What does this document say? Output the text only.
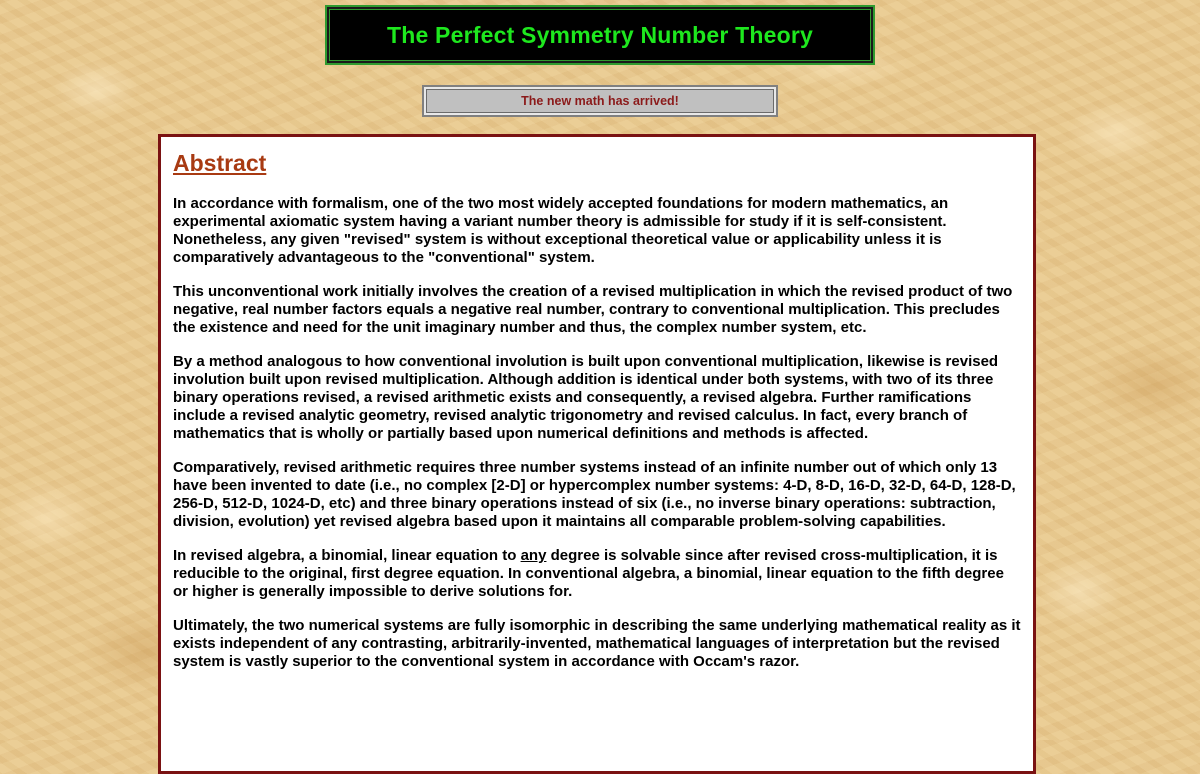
The Perfect Symmetry Number Theory
The new math has arrived!
Abstract

In accordance with formalism, one of the two most widely accepted foundations for modern mathematics, an experimental axiomatic system having a variant number theory is admissible for study if it is self-consistent. Nonetheless, any given "revised" system is without exceptional theoretical value or applicability unless it is comparatively advantageous to the "conventional" system.

This unconventional work initially involves the creation of a revised multiplication in which the revised product of two negative, real number factors equals a negative real number, contrary to conventional multiplication. This precludes the existence and need for the unit imaginary number and thus, the complex number system, etc.

By a method analogous to how conventional involution is built upon conventional multiplication, likewise is revised involution built upon revised multiplication. Although addition is identical under both systems, with two of its three binary operations revised, a revised arithmetic exists and consequently, a revised algebra. Further ramifications include a revised analytic geometry, revised analytic trigonometry and revised calculus. In fact, every branch of mathematics that is wholly or partially based upon numerical definitions and methods is affected.

Comparatively, revised arithmetic requires three number systems instead of an infinite number out of which only 13 have been invented to date (i.e., no complex [2-D] or hypercomplex number systems: 4-D, 8-D, 16-D, 32-D, 64-D, 128-D, 256-D, 512-D, 1024-D, etc) and three binary operations instead of six (i.e., no inverse binary operations: subtraction, division, evolution) yet revised algebra based upon it maintains all comparable problem-solving capabilities.

In revised algebra, a binomial, linear equation to any degree is solvable since after revised cross-multiplication, it is reducible to the original, first degree equation. In conventional algebra, a binomial, linear equation to the fifth degree or higher is generally impossible to derive solutions for.

Ultimately, the two numerical systems are fully isomorphic in describing the same underlying mathematical reality as it exists independent of any contrasting, arbitrarily-invented, mathematical languages of interpretation but the revised system is vastly superior to the conventional system in accordance with Occam's razor.
